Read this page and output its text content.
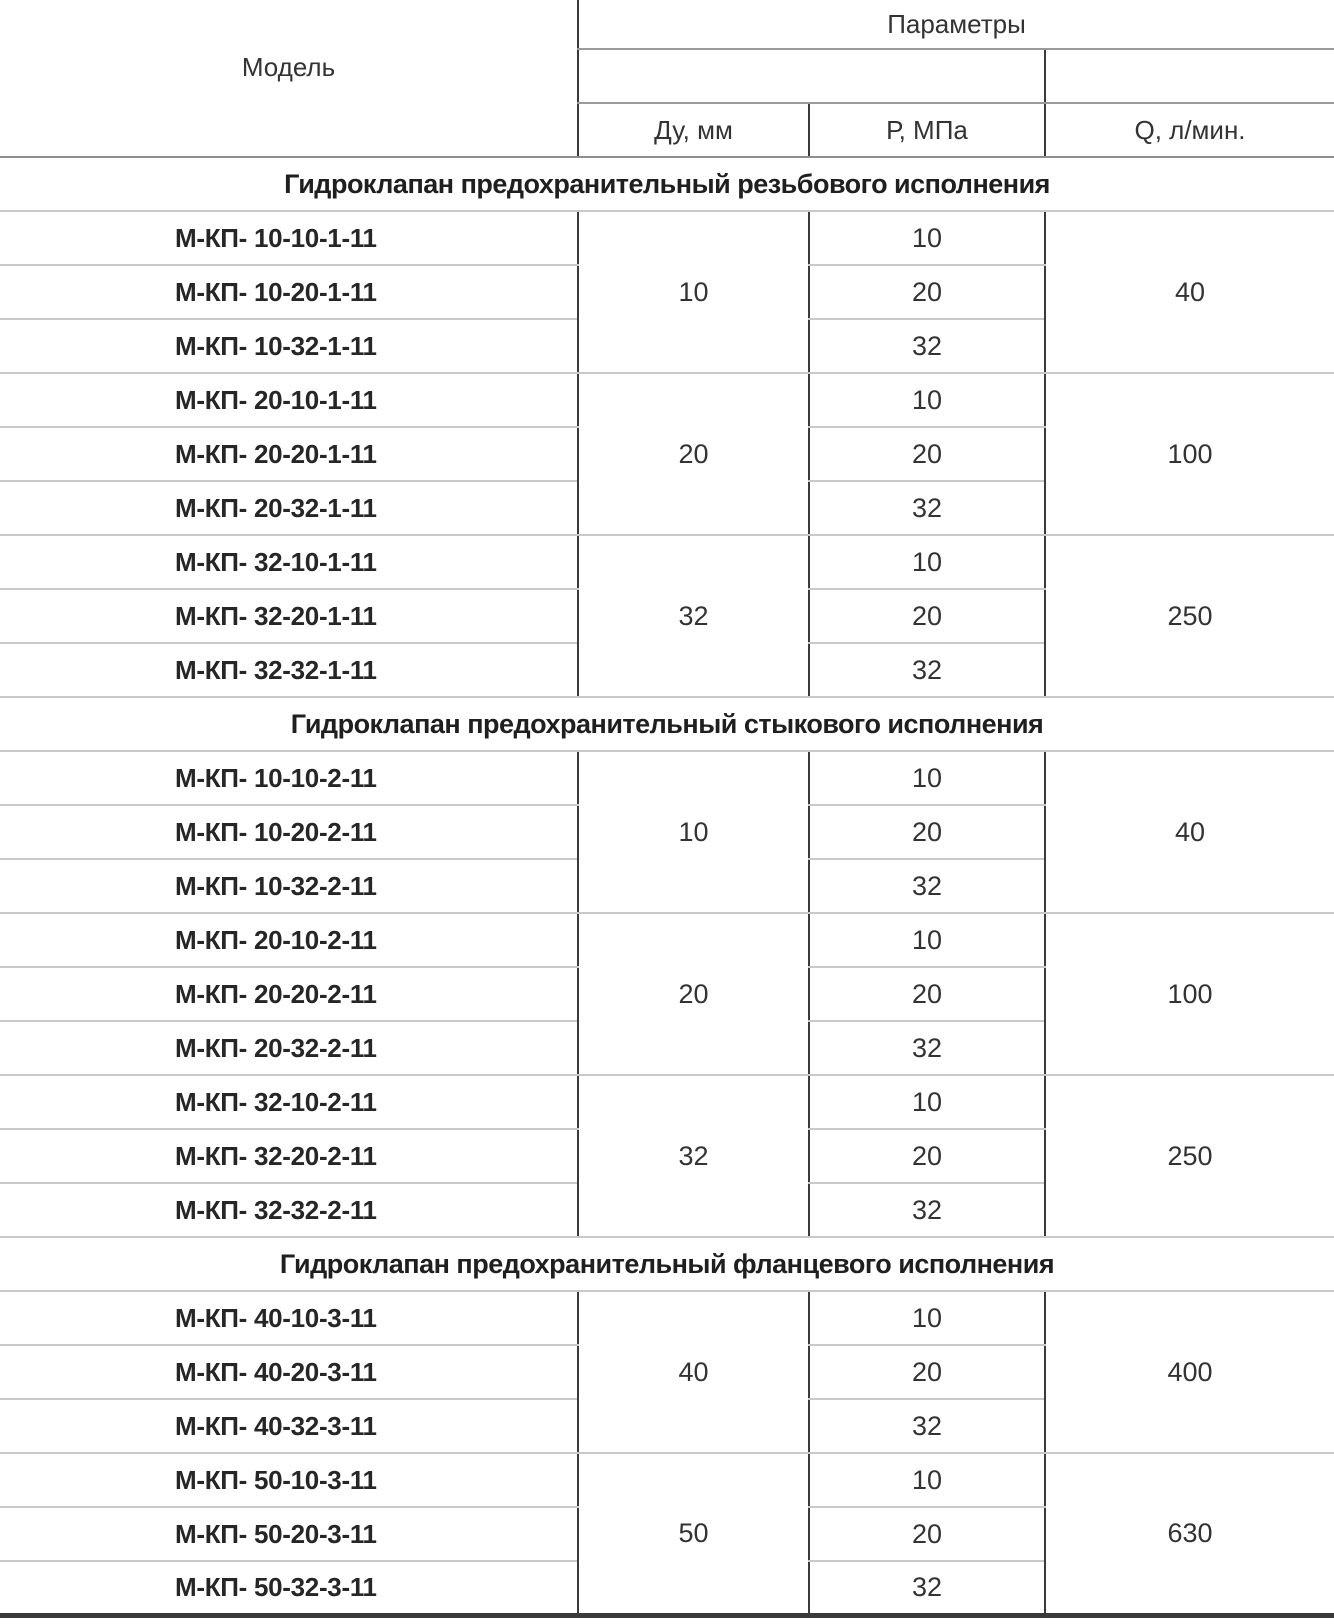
Модель	Параметры		

	Ду, мм	Р, МПа	Q, л/мин.
Гидроклапан предохранительный резьбового исполнения			
М-КП- 10-10-1-11	10	10	40
М-КП- 10-20-1-11		20	
М-КП- 10-32-1-11		32	
М-КП- 20-10-1-11	20	10	100
М-КП- 20-20-1-11		20	
М-КП- 20-32-1-11		32	
М-КП- 32-10-1-11	32	10	250
М-КП- 32-20-1-11		20	
М-КП- 32-32-1-11		32	
Гидроклапан предохранительный стыкового исполнения			
М-КП- 10-10-2-11	10	10	40
М-КП- 10-20-2-11		20	
М-КП- 10-32-2-11		32	
М-КП- 20-10-2-11	20	10	100
М-КП- 20-20-2-11		20	
М-КП- 20-32-2-11		32	
М-КП- 32-10-2-11	32	10	250
М-КП- 32-20-2-11		20	
М-КП- 32-32-2-11		32	
Гидроклапан предохранительный фланцевого исполнения			
М-КП- 40-10-3-11	40	10	400
М-КП- 40-20-3-11		20	
М-КП- 40-32-3-11		32	
М-КП- 50-10-3-11	50	10	630
М-КП- 50-20-3-11		20	
М-КП- 50-32-3-11		32	
